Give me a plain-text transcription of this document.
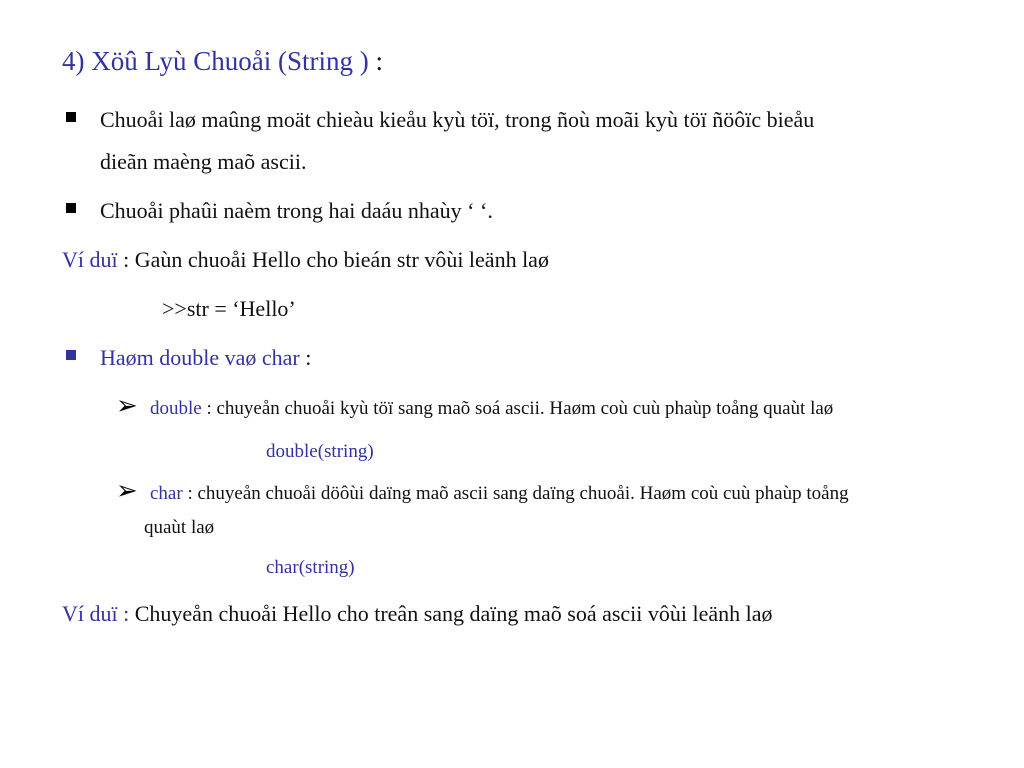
4) Xöû Lyù Chuoåi (String ) :
Chuoåi laø maûng moät chieàu kieåu kyù töï, trong ñoù moãi kyù töï ñöôïc bieåu
dieãn maèng maõ ascii.
Chuoåi phaûi naèm trong hai daáu nhaùy ‘ ‘.
Ví duï : Gaùn chuoåi Hello cho bieán str vôùi leänh laø
>>str = ‘Hello’
Haøm double vaø char :
➢ double : chuyeån chuoåi kyù töï sang maõ soá ascii. Haøm coù cuù phaùp toång quaùt laø
double(string)
➢ char : chuyeån chuoåi döôùi daïng maõ ascii sang daïng chuoåi. Haøm coù cuù phaùp toång
quaùt laø
char(string)
Ví duï : Chuyeån chuoåi Hello cho treân sang daïng maõ soá ascii vôùi leänh laø
